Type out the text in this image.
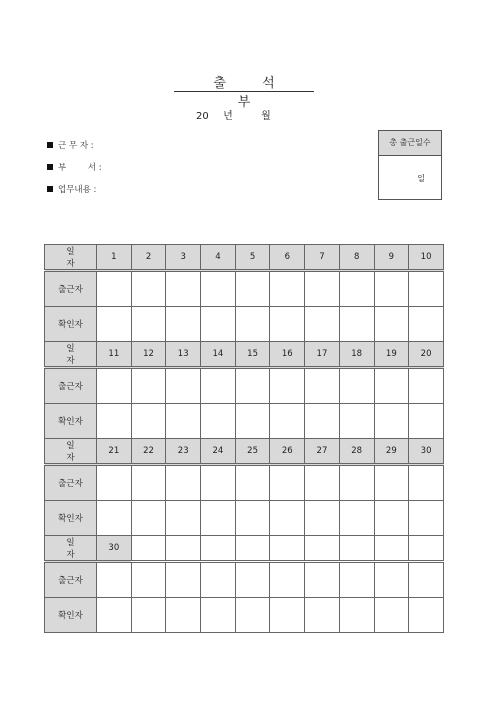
출 석 부
20 년	월
근 무 자 :
부        서 :
업무내용 :
총 출근일수
일
일 자	1	2	3	4	5	6	7	8	9	10
출근자										
확인자										
일 자	11	12	13	14	15	16	17	18	19	20
출근자										
확인자										
일 자	21	22	23	24	25	26	27	28	29	30
출근자										
확인자										
일 자	30									
출근자										
확인자										
